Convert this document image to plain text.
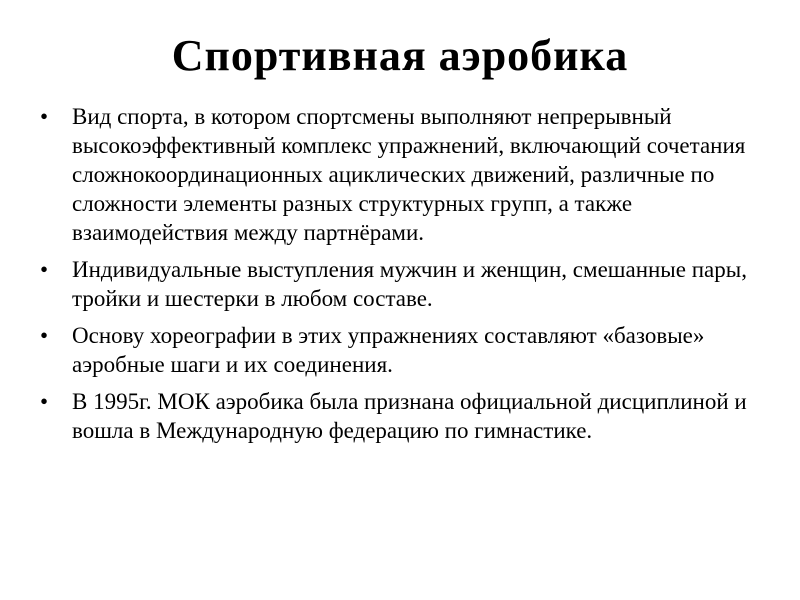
Спортивная аэробика
•	Вид спорта, в котором спортсмены выполняют непрерывный высокоэффективный комплекс упражнений, включающий сочетания сложнокоординационных ациклических движений, различные по сложности элементы разных структурных групп, а также взаимодействия между партнёрами.
•	Индивидуальные выступления мужчин и женщин, смешанные пары, тройки и шестерки в любом составе.
•	Основу хореографии в этих упражнениях составляют «базовые» аэробные шаги и их соединения.
•	В 1995г. МОК аэробика была признана официальной дисциплиной и вошла в Международную федерацию по гимнастике.
